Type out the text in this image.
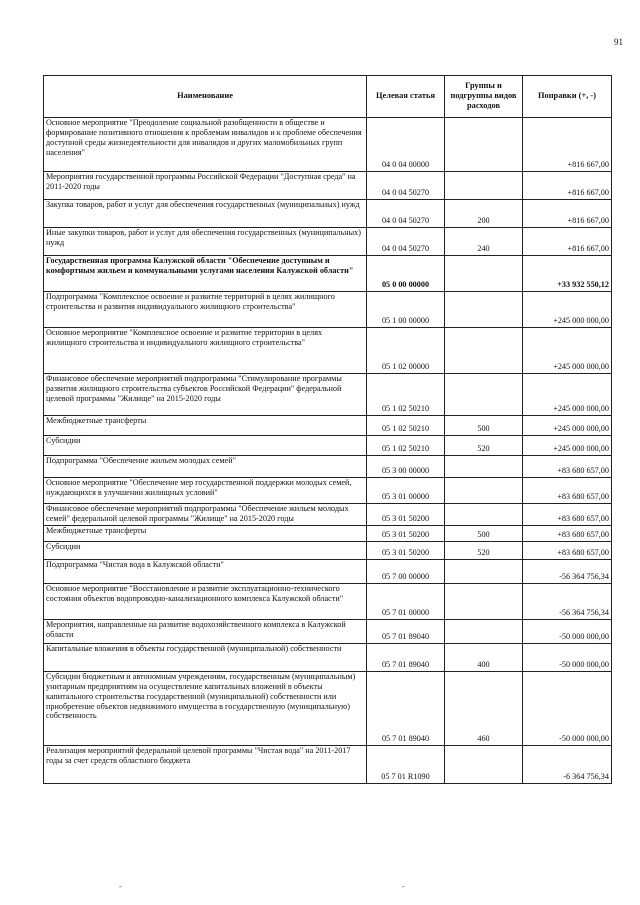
91
Наименование	Целевая статья	Группы и подгруппы видов расходов	Поправки (+, -)
Основное мероприятие "Преодоление социальной разобщенности в обществе и формирование позитивного отношения к проблемам инвалидов и к проблеме обеспечения доступной среды жизнедеятельности для инвалидов и других маломобильных групп населения"	04 0 04 00000		+816 667,00
Мероприятия государственной программы Российской Федерации "Доступная среда" на 2011-2020 годы	04 0 04 50270		+816 667,00
Закупка товаров, работ и услуг для обеспечения государственных (муниципальных) нужд	04 0 04 50270	200	+816 667,00
Иные закупки товаров, работ и услуг для обеспечения государственных (муниципальных) нужд	04 0 04 50270	240	+816 667,00
Государственная программа Калужской области "Обеспечение доступным и комфортным жильем и коммунальными услугами населения Калужской области"	05 0 00 00000		+33 932 550,12
Подпрограмма "Комплексное освоение и развитие территорий в целях жилищного строительства и развития индивидуального жилищного строительства"	05 1 00 00000		+245 000 000,00
Основное мероприятие "Комплексное освоение и развитие территории в целях жилищного строительства и индивидуального жилищного строительства"	05 1 02 00000		+245 000 000,00
Финансовое обеспечение мероприятий подпрограммы "Стимулирование программы развития жилищного строительства субъектов Российской Федерации" федеральной целевой программы "Жилище" на 2015-2020 годы	05 1 02 50210		+245 000 000,00
Межбюджетные трансферты	05 1 02 50210	500	+245 000 000,00
Субсидии	05 1 02 50210	520	+245 000 000,00
Подпрограмма "Обеспечение жильем молодых семей"	05 3 00 00000		+83 680 657,00
Основное мероприятие "Обеспечение мер государственной поддержки молодых семей, нуждающихся в улучшении жилищных условий"	05 3 01 00000		+83 680 657,00
Финансовое обеспечение мероприятий подпрограммы "Обеспечение жильем молодых семей" федеральной целевой программы "Жилище" на 2015-2020 годы	05 3 01 50200		+83 680 657,00
Межбюджетные трансферты	05 3 01 50200	500	+83 680 657,00
Субсидии	05 3 01 50200	520	+83 680 657,00
Подпрограмма "Чистая вода в Калужской области"	05 7 00 00000		-56 364 756,34
Основное мероприятие "Восстановление и развитие эксплуатационно-технического состояния объектов водопроводно-канализационного комплекса Калужской области"	05 7 01 00000		-56 364 756,34
Мероприятия, направленные на развитие водохозяйственного комплекса в Калужской области	05 7 01 89040		-50 000 000,00
Капитальные вложения в объекты государственной (муниципальной) собственности	05 7 01 89040	400	-50 000 000,00
Субсидии бюджетным и автономным учреждениям, государственным (муниципальным) унитарным предприятиям на осуществление капитальных вложений в объекты капитального строительства государственной (муниципальной) собственности или приобретение объектов недвижимого имущества в государственную (муниципальную) собственность	05 7 01 89040	460	-50 000 000,00
Реализация мероприятий федеральной целевой программы "Чистая вода" на 2011-2017 годы за счет средств областного бюджета	05 7 01 R1090		-6 364 756,34
-	-
